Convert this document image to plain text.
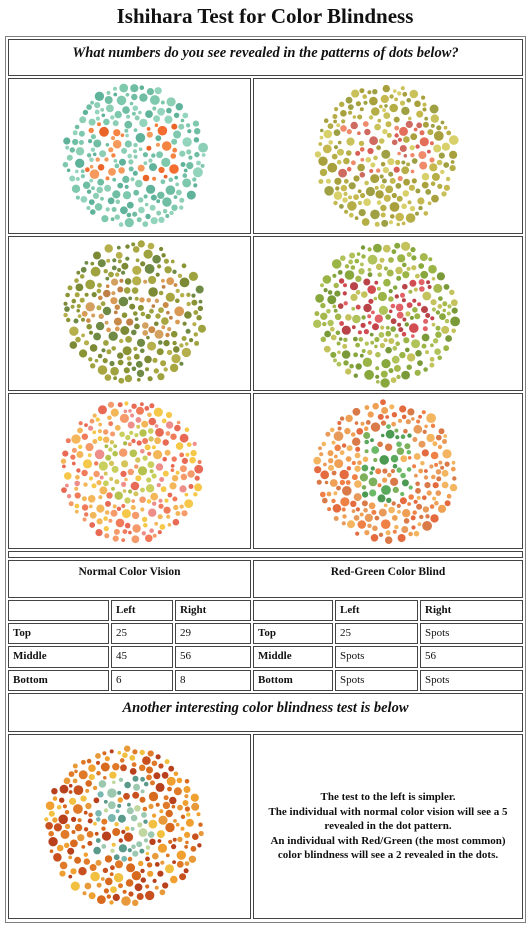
Ishihara Test for Color Blindness
What numbers do you see revealed in the patterns of dots below?
Normal Color Vision	Red-Green Color Blind
Left	Right
Top	25	29
Middle	45	56
Bottom	6	8
Left	Right
Top	25	Spots
Middle	Spots	56
Bottom	Spots	Spots
Another interesting color blindness test is below
The test to the left is simpler.
The individual with normal color vision will see a 5 revealed in the dot pattern.
An individual with Red/Green (the most common) color blindness will see a 2 revealed in the dots.
